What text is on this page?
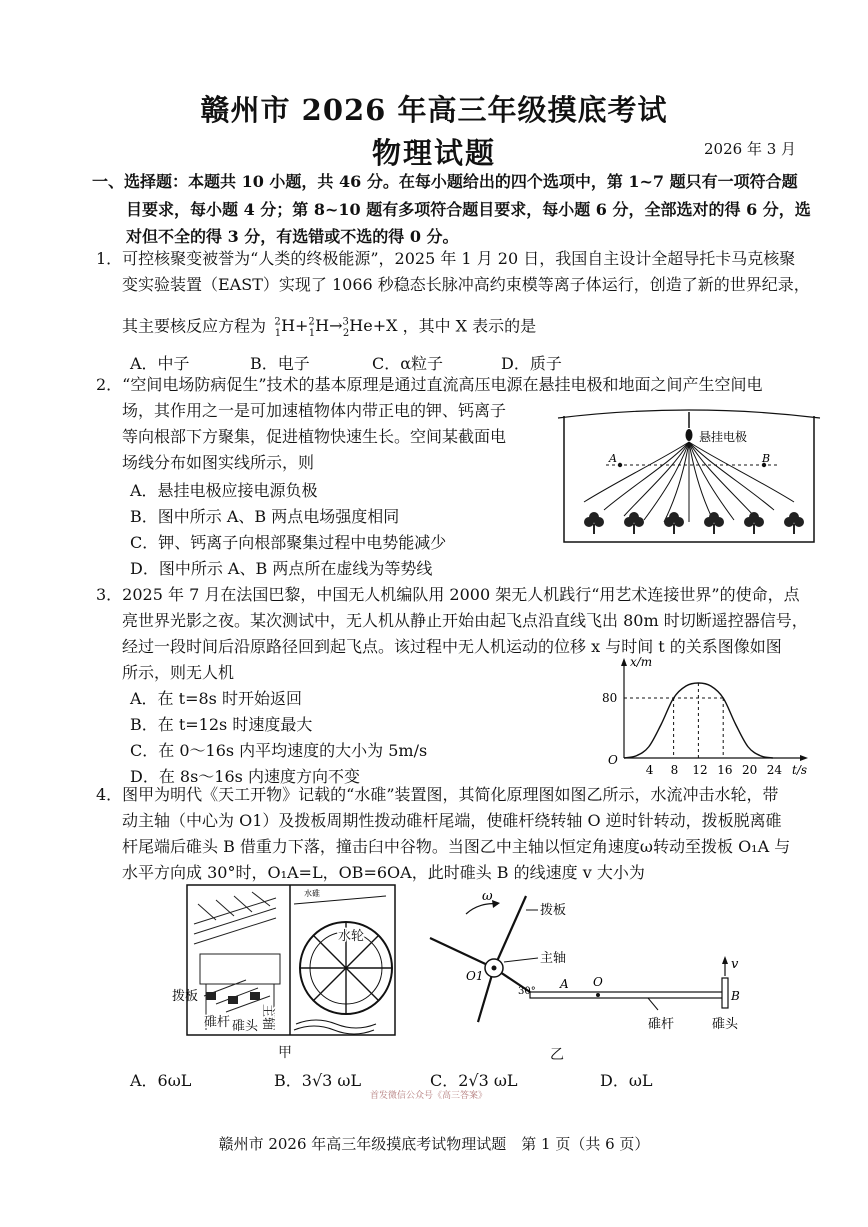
赣州市 2026 年高三年级摸底考试
物理试题	2026 年 3 月
一、选择题：本题共 10 小题，共 46 分。在每小题给出的四个选项中，第 1~7 题只有一项符合题
目要求，每小题 4 分；第 8~10 题有多项符合题目要求，每小题 6 分，全部选对的得 6 分，选
对但不全的得 3 分，有选错或不选的得 0 分。
1．可控核聚变被誉为“人类的终极能源”，2025 年 1 月 20 日，我国自主设计全超导托卡马克核聚
变实验装置（EAST）实现了 1066 秒稳态长脉冲高约束模等离子体运行，创造了新的世界纪录，
其主要核反应方程为   $^2_1$H+$^2_1$H→$^3_2$He+X ，其中 X 表示的是
A．中子	B．电子	C．α粒子	D．质子
2．“空间电场防病促生”技术的基本原理是通过直流高压电源在悬挂电极和地面之间产生空间电
场，其作用之一是可加速植物体内带正电的钾、钙离子
等向根部下方聚集，促进植物快速生长。空间某截面电
场线分布如图实线所示，则
A．悬挂电极应接电源负极
B．图中所示 A、B 两点电场强度相同
C．钾、钙离子向根部聚集过程中电势能减少
D．图中所示 A、B 两点所在虚线为等势线
悬挂电极
A	B
3．2025 年 7 月在法国巴黎，中国无人机编队用 2000 架无人机践行“用艺术连接世界”的使命，点
亮世界光影之夜。某次测试中，无人机从静止开始由起飞点沿直线飞出 80m 时切断遥控器信号，
经过一段时间后沿原路径回到起飞点。该过程中无人机运动的位移 x 与时间 t 的关系图像如图
所示，则无人机
A．在 t=8s 时开始返回
B．在 t=12s 时速度最大
C．在 0～16s 内平均速度的大小为 5m/s
D．在 8s～16s 内速度方向不变
x/m
t/s
O
4 8 12 16 20 24
80
4．图甲为明代《天工开物》记载的“水碓”装置图，其简化原理图如图乙所示，水流冲击水轮，带
动主轴（中心为 O1）及拨板周期性拨动碓杆尾端，使碓杆绕转轴 O 逆时针转动，拨板脱离碓
杆尾端后碓头 B 借重力下落，撞击臼中谷物。当图乙中主轴以恒定角速度ω转动至拨板 O₁A 与
水平方向成 30°时，O₁A=L，OB=6OA，此时碓头 B 的线速度 v 大小为
水碓
水轮
拨板
碓杆 碓头 主轴
甲
ω
拨板
主轴
O1
30°
A O
碓杆
v
B
碓头
乙
A．6ωL	B．3√3 ωL	C．2√3 ωL	D．ωL
首发微信公众号《高三答案》
赣州市 2026 年高三年级摸底考试物理试题　第 1 页（共 6 页）
